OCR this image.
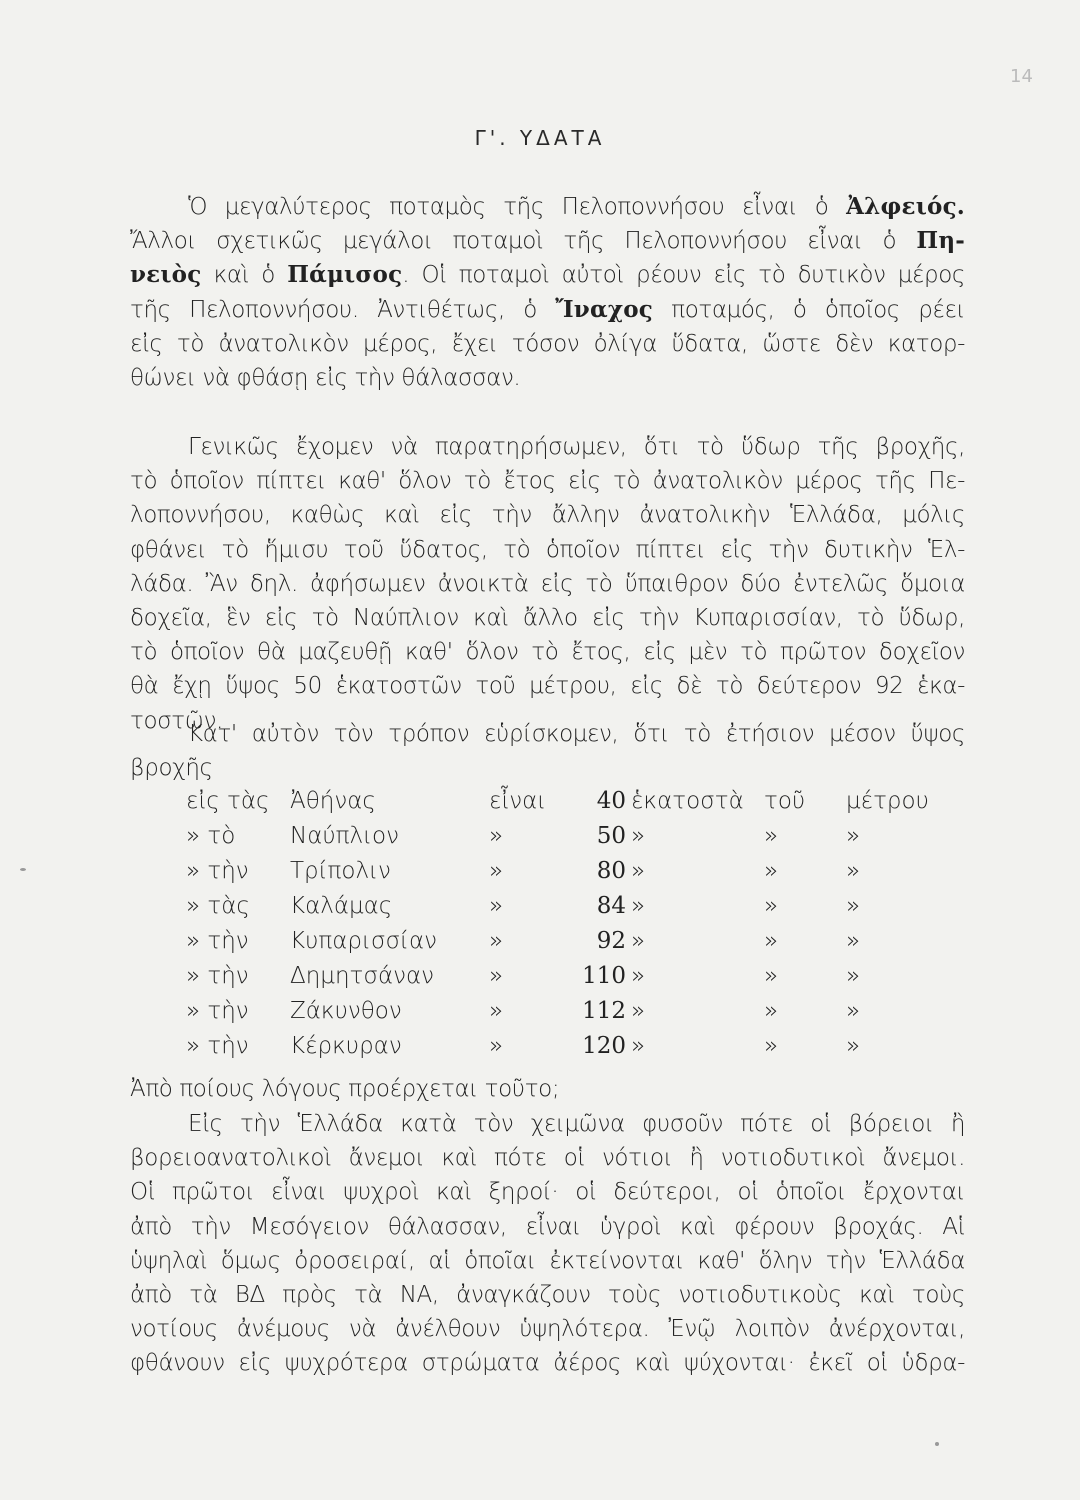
14
Γ'. ΥΔΑΤΑ
Ὁ μεγαλύτερος ποταμὸς τῆς Πελοποννήσου εἶναι ὁ Ἀλφειός.
Ἄλλοι σχετικῶς μεγάλοι ποταμοὶ τῆς Πελοποννήσου εἶναι ὁ Πη-
νειὸς καὶ ὁ Πάμισος. Οἱ ποταμοὶ αὐτοὶ ρέουν εἰς τὸ δυτικὸν μέρος
τῆς Πελοποννήσου. Ἀντιθέτως, ὁ Ἴναχος ποταμός, ὁ ὁποῖος ρέει
εἰς τὸ ἀνατολικὸν μέρος, ἔχει τόσον ὀλίγα ὕδατα, ὥστε δὲν κατορ-
θώνει νὰ φθάσῃ εἰς τὴν θάλασσαν.
Γενικῶς ἔχομεν νὰ παρατηρήσωμεν, ὅτι τὸ ὕδωρ τῆς βροχῆς,
τὸ ὁποῖον πίπτει καθ' ὅλον τὸ ἔτος εἰς τὸ ἀνατολικὸν μέρος τῆς Πε-
λοποννήσου, καθὼς καὶ εἰς τὴν ἄλλην ἀνατολικὴν Ἑλλάδα, μόλις
φθάνει τὸ ἥμισυ τοῦ ὕδατος, τὸ ὁποῖον πίπτει εἰς τὴν δυτικὴν Ἑλ-
λάδα. Ἂν δηλ. ἀφήσωμεν ἀνοικτὰ εἰς τὸ ὕπαιθρον δύο ἐντελῶς ὅμοια
δοχεῖα, ἓν εἰς τὸ Ναύπλιον καὶ ἄλλο εἰς τὴν Κυπαρισσίαν, τὸ ὕδωρ,
τὸ ὁποῖον θὰ μαζευθῇ καθ' ὅλον τὸ ἔτος, εἰς μὲν τὸ πρῶτον δοχεῖον
θὰ ἔχῃ ὕψος 50 ἑκατοστῶν τοῦ μέτρου, εἰς δὲ τὸ δεύτερον 92 ἑκα-
τοστῶν.
Κατ' αὐτὸν τὸν τρόπον εὑρίσκομεν, ὅτι τὸ ἐτήσιον μέσον ὕψος
βροχῆς
εἰς τὰς Ἀθήνας	εἶναι	40 ἑκατοστὰ τοῦ μέτρου
» τὸ Ναύπλιον	»	50 »	»	»
» τὴν Τρίπολιν	»	80 »	»	»
» τὰς Καλάμας	»	84 »	»	»
» τὴν Κυπαρισσίαν »	92 »	»	»
» τὴν Δημητσάναν »	110 »	»	»
» τὴν Ζάκυνθον	»	112 »	»	»
» τὴν Κέρκυραν	»	120 »	»	»
Ἀπὸ ποίους λόγους προέρχεται τοῦτο;
Εἰς τὴν Ἑλλάδα κατὰ τὸν χειμῶνα φυσοῦν πότε οἱ βόρειοι ἢ
βορειοανατολικοὶ ἄνεμοι καὶ πότε οἱ νότιοι ἢ νοτιοδυτικοὶ ἄνεμοι.
Οἱ πρῶτοι εἶναι ψυχροὶ καὶ ξηροί· οἱ δεύτεροι, οἱ ὁποῖοι ἔρχονται
ἀπὸ τὴν Μεσόγειον θάλασσαν, εἶναι ὑγροὶ καὶ φέρουν βροχάς. Αἱ
ὑψηλαὶ ὅμως ὀροσειραί, αἱ ὁποῖαι ἐκτείνονται καθ' ὅλην τὴν Ἑλλάδα
ἀπὸ τὰ ΒΔ πρὸς τὰ ΝΑ, ἀναγκάζουν τοὺς νοτιοδυτικοὺς καὶ τοὺς
νοτίους ἀνέμους νὰ ἀνέλθουν ὑψηλότερα. Ἐνῷ λοιπὸν ἀνέρχονται,
φθάνουν εἰς ψυχρότερα στρώματα ἀέρος καὶ ψύχονται· ἐκεῖ οἱ ὑδρα-
